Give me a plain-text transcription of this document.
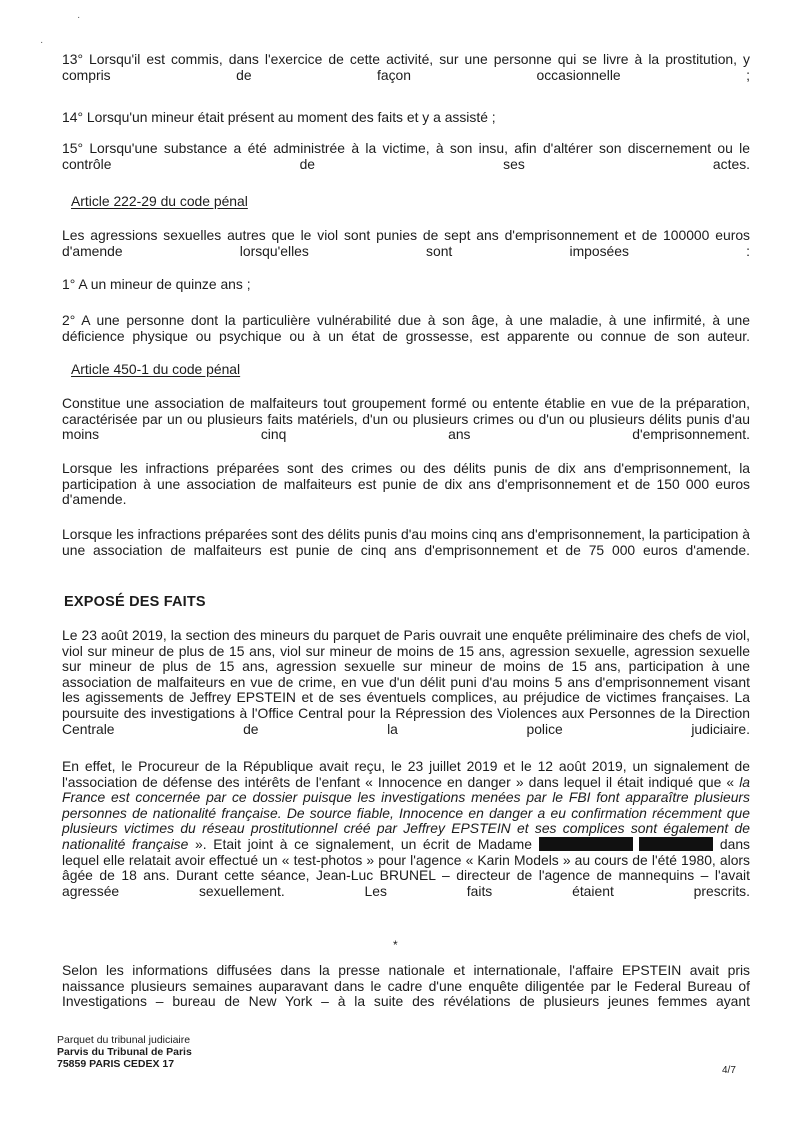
·
·

13° Lorsqu'il est commis, dans l'exercice de cette activité, sur une personne qui se livre à la prostitution, y compris de façon occasionnelle ;

14° Lorsqu'un mineur était présent au moment des faits et y a assisté ;

15° Lorsqu'une substance a été administrée à la victime, à son insu, afin d'altérer son discernement ou le contrôle de ses actes.

Article 222-29 du code pénal

Les agressions sexuelles autres que le viol sont punies de sept ans d'emprisonnement et de 100000 euros d'amende lorsqu'elles sont imposées :

1° A un mineur de quinze ans ;

2° A une personne dont la particulière vulnérabilité due à son âge, à une maladie, à une infirmité, à une déficience physique ou psychique ou à un état de grossesse, est apparente ou connue de son auteur.

Article 450-1 du code pénal

Constitue une association de malfaiteurs tout groupement formé ou entente établie en vue de la préparation, caractérisée par un ou plusieurs faits matériels, d'un ou plusieurs crimes ou d'un ou plusieurs délits punis d'au moins cinq ans d'emprisonnement.

Lorsque les infractions préparées sont des crimes ou des délits punis de dix ans d'emprisonnement, la participation à une association de malfaiteurs est punie de dix ans d'emprisonnement et de 150 000 euros d'amende.

Lorsque les infractions préparées sont des délits punis d'au moins cinq ans d'emprisonnement, la participation à une association de malfaiteurs est punie de cinq ans d'emprisonnement et de 75 000 euros d'amende.

EXPOSÉ DES FAITS

Le 23 août 2019, la section des mineurs du parquet de Paris ouvrait une enquête préliminaire des chefs de viol, viol sur mineur de plus de 15 ans, viol sur mineur de moins de 15 ans, agression sexuelle, agression sexuelle sur mineur de plus de 15 ans, agression sexuelle sur mineur de moins de 15 ans, participation à une association de malfaiteurs en vue de crime, en vue d'un délit puni d'au moins 5 ans d'emprisonnement visant les agissements de Jeffrey EPSTEIN et de ses éventuels complices, au préjudice de victimes françaises. La poursuite des investigations à l'Office Central pour la Répression des Violences aux Personnes de la Direction Centrale de la police judiciaire.

En effet, le Procureur de la République avait reçu, le 23 juillet 2019 et le 12 août 2019, un signalement de l'association de défense des intérêts de l'enfant « Innocence en danger » dans lequel il était indiqué que « la France est concernée par ce dossier puisque les investigations menées par le FBI font apparaître plusieurs personnes de nationalité française. De source fiable, Innocence en danger a eu confirmation récemment que plusieurs victimes du réseau prostitutionnel créé par Jeffrey EPSTEIN et ses complices sont également de nationalité française ». Etait joint à ce signalement, un écrit de Madame	dans lequel elle relatait avoir effectué un « test-photos » pour l'agence « Karin Models » au cours de l'été 1980, alors âgée de 18 ans. Durant cette séance, Jean-Luc BRUNEL – directeur de l'agence de mannequins – l'avait agressée sexuellement. Les faits étaient prescrits.

*

Selon les informations diffusées dans la presse nationale et internationale, l'affaire EPSTEIN avait pris naissance plusieurs semaines auparavant dans le cadre d'une enquête diligentée par le Federal Bureau of Investigations – bureau de New York – à la suite des révélations de plusieurs jeunes femmes ayant

Parquet du tribunal judiciaire
Parvis du Tribunal de Paris
75859 PARIS CEDEX 17
4/7
